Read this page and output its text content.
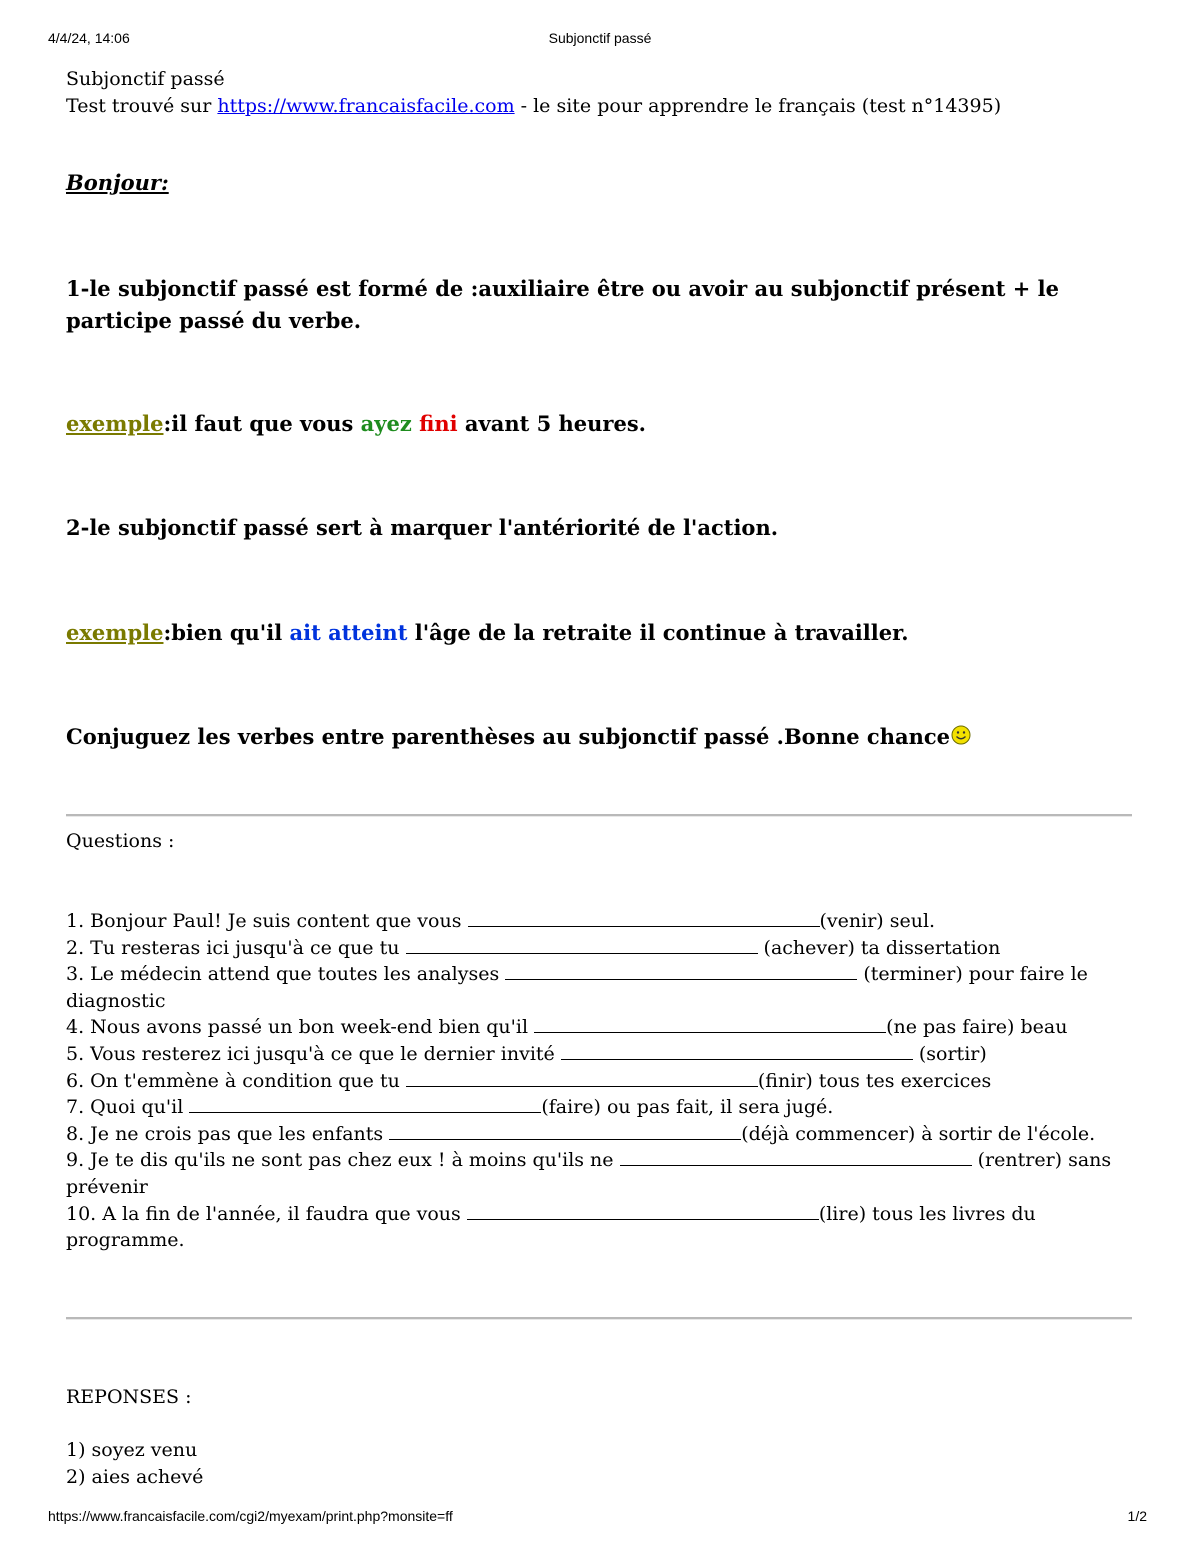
4/4/24, 14:06	Subjonctif passé
Subjonctif passé
Test trouvé sur https://www.francaisfacile.com - le site pour apprendre le français (test n°14395)
Bonjour:
1-le subjonctif passé est formé de :auxiliaire être ou avoir au subjonctif présent + le participe passé du verbe.
exemple:il faut que vous ayez fini avant 5 heures.
2-le subjonctif passé sert à marquer l'antériorité de l'action.
exemple:bien qu'il ait atteint l'âge de la retraite il continue à travailler.
Conjuguez les verbes entre parenthèses au subjonctif passé .Bonne chance
Questions :
1. Bonjour Paul! Je suis content que vous	(venir) seul.
2. Tu resteras ici jusqu'à ce que tu	(achever) ta dissertation
3. Le médecin attend que toutes les analyses	(terminer) pour faire le diagnostic
4. Nous avons passé un bon week-end bien qu'il	(ne pas faire) beau
5. Vous resterez ici jusqu'à ce que le dernier invité	(sortir)
6. On t'emmène à condition que tu	(finir) tous tes exercices
7. Quoi qu'il	(faire) ou pas fait, il sera jugé.
8. Je ne crois pas que les enfants	(déjà commencer) à sortir de l'école.
9. Je te dis qu'ils ne sont pas chez eux ! à moins qu'ils ne	(rentrer) sans prévenir
10. A la fin de l'année, il faudra que vous	(lire) tous les livres du programme.
REPONSES :
1) soyez venu
2) aies achevé
https://www.francaisfacile.com/cgi2/myexam/print.php?monsite=ff	1/2
